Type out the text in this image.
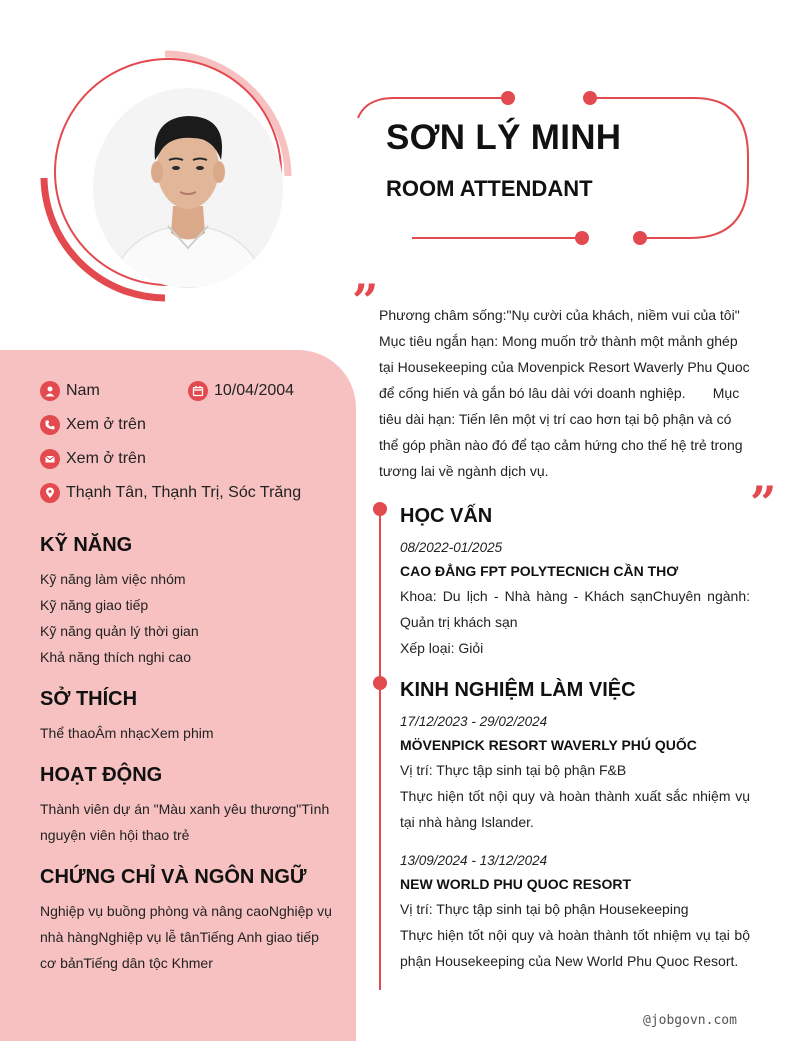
SƠN LÝ MINH
ROOM ATTENDANT
”
”
Phương châm sống:"Nụ cười của khách, niềm vui của tôi"
Mục tiêu ngắn hạn: Mong muốn trở thành một mảnh ghép tại Housekeeping của Movenpick Resort Waverly Phu Quoc để cống hiến và gắn bó lâu dài với doanh nghiệp. Mục tiêu dài hạn: Tiến lên một vị trí cao hơn tại bộ phận và có thể góp phần nào đó để tạo cảm hứng cho thế hệ trẻ trong tương lai về ngành dịch vụ.
Nam	10/04/2004
Xem ở trên
Xem ở trên
Thạnh Tân, Thạnh Trị, Sóc Trăng
KỸ NĂNG
Kỹ năng làm việc nhóm
Kỹ năng giao tiếp
Kỹ năng quản lý thời gian
Khả năng thích nghi cao
SỞ THÍCH
Thể thaoÂm nhạcXem phim
HOẠT ĐỘNG
Thành viên dự án "Màu xanh yêu thương"Tình nguyện viên hội thao trẻ
CHỨNG CHỈ VÀ NGÔN NGỮ
Nghiệp vụ buồng phòng và nâng caoNghiệp vụ nhà hàngNghiệp vụ lễ tânTiếng Anh giao tiếp cơ bảnTiếng dân tộc Khmer
HỌC VẤN
08/2022-01/2025
CAO ĐẲNG FPT POLYTECNICH CẦN THƠ
Khoa: Du lịch - Nhà hàng - Khách sạnChuyên ngành: Quản trị khách sạn
Xếp loại: Giỏi
KINH NGHIỆM LÀM VIỆC
17/12/2023 - 29/02/2024
MÖVENPICK RESORT WAVERLY PHÚ QUỐC
Vị trí: Thực tập sinh tại bộ phận F&B
Thực hiện tốt nội quy và hoàn thành xuất sắc nhiệm vụ tại nhà hàng Islander.
13/09/2024 - 13/12/2024
NEW WORLD PHU QUOC RESORT
Vị trí: Thực tập sinh tại bộ phận Housekeeping
Thực hiện tốt nội quy và hoàn thành tốt nhiệm vụ tại bộ phận Housekeeping của New World Phu Quoc Resort.
@jobgovn.com
